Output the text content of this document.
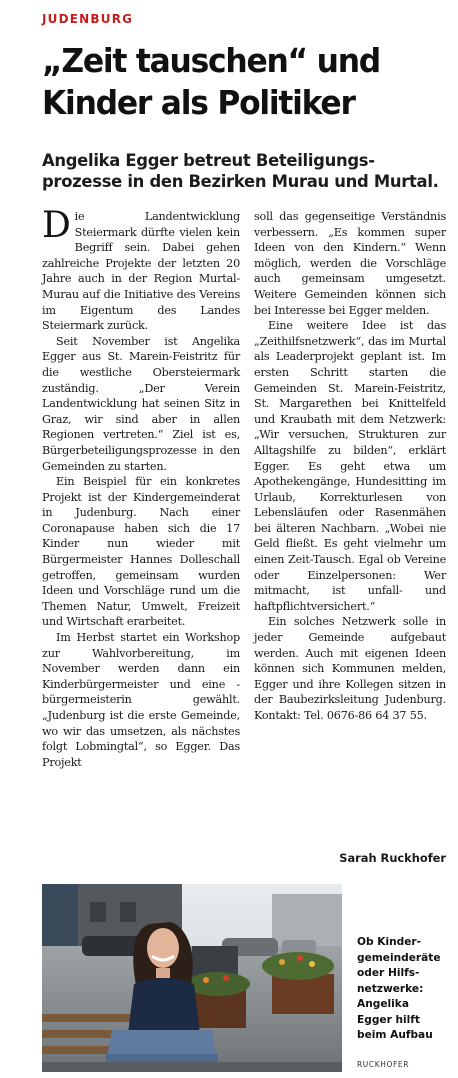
JUDENBURG
„Zeit tauschen“ und
Kinder als Politiker
Angelika Egger betreut Beteiligungs-
prozesse in den Bezirken Murau und Murtal.

Die Landentwicklung Steiermark dürfte vielen kein Begriff sein. Dabei gehen zahlreiche Projekte der letzten 20 Jahre auch in der Region Murtal-Murau auf die Initiative des Vereins im Eigentum des Landes Steiermark zurück.

Seit November ist Angelika Egger aus St. Marein-Feistritz für die westliche Obersteiermark zuständig. „Der Verein Landentwicklung hat seinen Sitz in Graz, wir sind aber in allen Regionen vertreten.“ Ziel ist es, Bürgerbeteiligungsprozesse in den Gemeinden zu starten.

Ein Beispiel für ein konkretes Projekt ist der Kindergemeinderat in Judenburg. Nach einer Coronapause haben sich die 17 Kinder nun wieder mit Bürgermeister Hannes Dolleschall getroffen, gemeinsam wurden Ideen und Vorschläge rund um die Themen Natur, Umwelt, Freizeit und Wirtschaft erarbeitet.

Im Herbst startet ein Workshop zur Wahlvorbereitung, im November werden dann ein Kinderbürgermeister und eine -bürgermeisterin gewählt. „Judenburg ist die erste Gemeinde, wo wir das umsetzen, als nächstes folgt Lobmingtal“, so Egger. Das Projekt

soll das gegenseitige Verständnis verbessern. „Es kommen super Ideen von den Kindern.“ Wenn möglich, werden die Vorschläge auch gemeinsam umgesetzt. Weitere Gemeinden können sich bei Interesse bei Egger melden.

Eine weitere Idee ist das „Zeithilfsnetzwerk“, das im Murtal als Leaderprojekt geplant ist. Im ersten Schritt starten die Gemeinden St. Marein-Feistritz, St. Margarethen bei Knittelfeld und Kraubath mit dem Netzwerk: „Wir versuchen, Strukturen zur Alltagshilfe zu bilden“, erklärt Egger. Es geht etwa um Apothekengänge, Hundesitting im Urlaub, Korrekturlesen von Lebensläufen oder Rasenmähen bei älteren Nachbarn. „Wobei nie Geld fließt. Es geht vielmehr um einen Zeit-Tausch. Egal ob Vereine oder Einzelpersonen: Wer mitmacht, ist unfall- und haftpflichtversichert.“

Ein solches Netzwerk solle in jeder Gemeinde aufgebaut werden. Auch mit eigenen Ideen können sich Kommunen melden, Egger und ihre Kollegen sitzen in der Baubezirksleitung Judenburg. Kontakt: Tel. 0676-86 64 37 55.

Sarah Ruckhofer

Ob Kinder-
gemeinderäte
oder Hilfs-
netzwerke:
Angelika
Egger hilft
beim Aufbau

RUCKHOFER
